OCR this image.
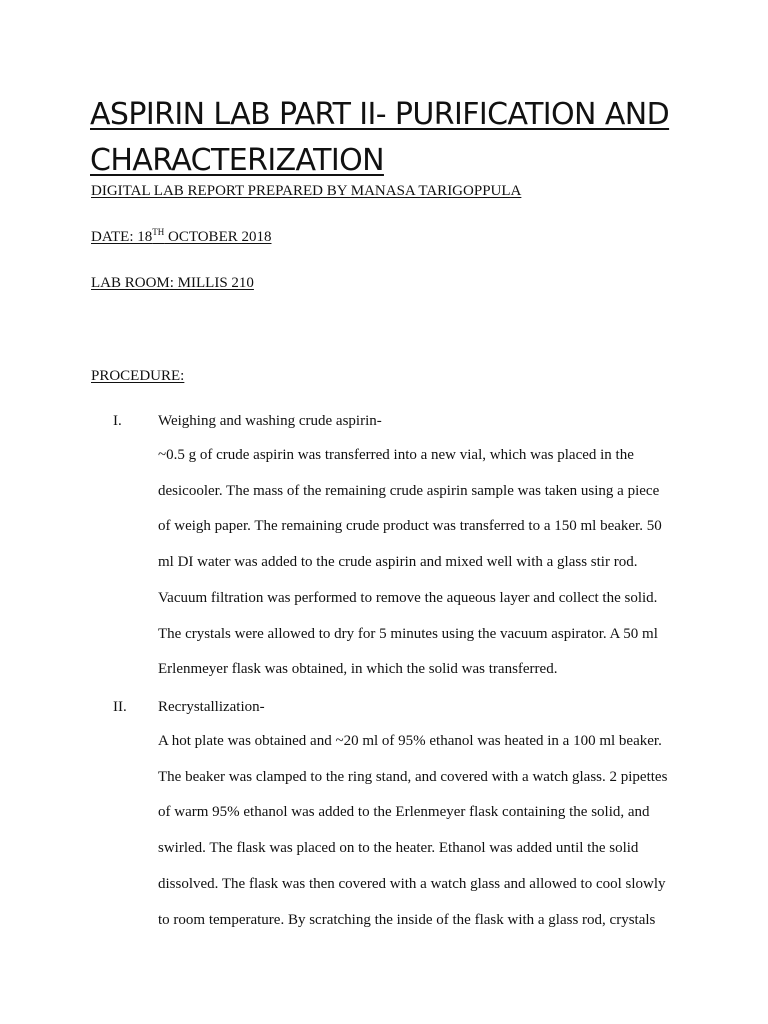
ASPIRIN LAB PART II- PURIFICATION AND CHARACTERIZATION
DIGITAL LAB REPORT PREPARED BY MANASA TARIGOPPULA
DATE: 18TH OCTOBER 2018
LAB ROOM: MILLIS 210
PROCEDURE:
I. Weighing and washing crude aspirin-
~0.5 g of crude aspirin was transferred into a new vial, which was placed in the
desicooler. The mass of the remaining crude aspirin sample was taken using a piece
of weigh paper. The remaining crude product was transferred to a 150 ml beaker. 50
ml DI water was added to the crude aspirin and mixed well with a glass stir rod.
Vacuum filtration was performed to remove the aqueous layer and collect the solid.
The crystals were allowed to dry for 5 minutes using the vacuum aspirator. A 50 ml
Erlenmeyer flask was obtained, in which the solid was transferred.
II. Recrystallization-
A hot plate was obtained and ~20 ml of 95% ethanol was heated in a 100 ml beaker.
The beaker was clamped to the ring stand, and covered with a watch glass. 2 pipettes
of warm 95% ethanol was added to the Erlenmeyer flask containing the solid, and
swirled. The flask was placed on to the heater. Ethanol was added until the solid
dissolved. The flask was then covered with a watch glass and allowed to cool slowly
to room temperature. By scratching the inside of the flask with a glass rod, crystals
